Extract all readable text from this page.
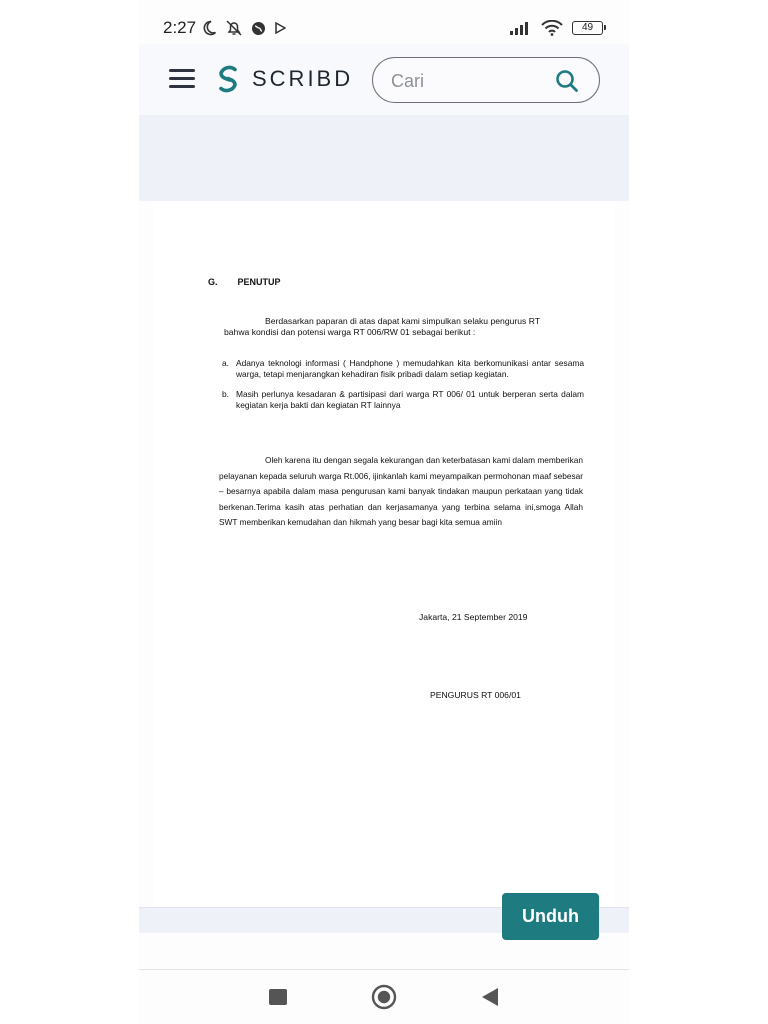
2:27	49
SCRIBD
Cari
G. PENUTUP
Berdasarkan paparan di atas dapat kami simpulkan selaku pengurus RT
bahwa kondisi dan potensi warga RT 006/RW 01 sebagai berikut :
a. Adanya teknologi informasi ( Handphone ) memudahkan kita berkomunikasi antar sesama warga, tetapi menjarangkan kehadiran fisik pribadi dalam setiap kegiatan.
b. Masih perlunya kesadaran & partisipasi dari warga RT 006/ 01 untuk berperan serta dalam kegiatan kerja bakti dan kegiatan RT lainnya
Oleh karena itu dengan segala kekurangan dan keterbatasan kami dalam memberikan pelayanan kepada seluruh warga Rt.006, ijinkanlah kami meyampaikan permohonan maaf sebesar – besarnya apabila dalam masa pengurusan kami banyak tindakan maupun perkataan yang tidak berkenan.Terima kasih atas perhatian dan kerjasamanya yang terbina selama ini,smoga Allah SWT memberikan kemudahan dan hikmah yang besar bagi kita semua amiin
Jakarta, 21 September 2019
PENGURUS RT 006/01
Unduh
